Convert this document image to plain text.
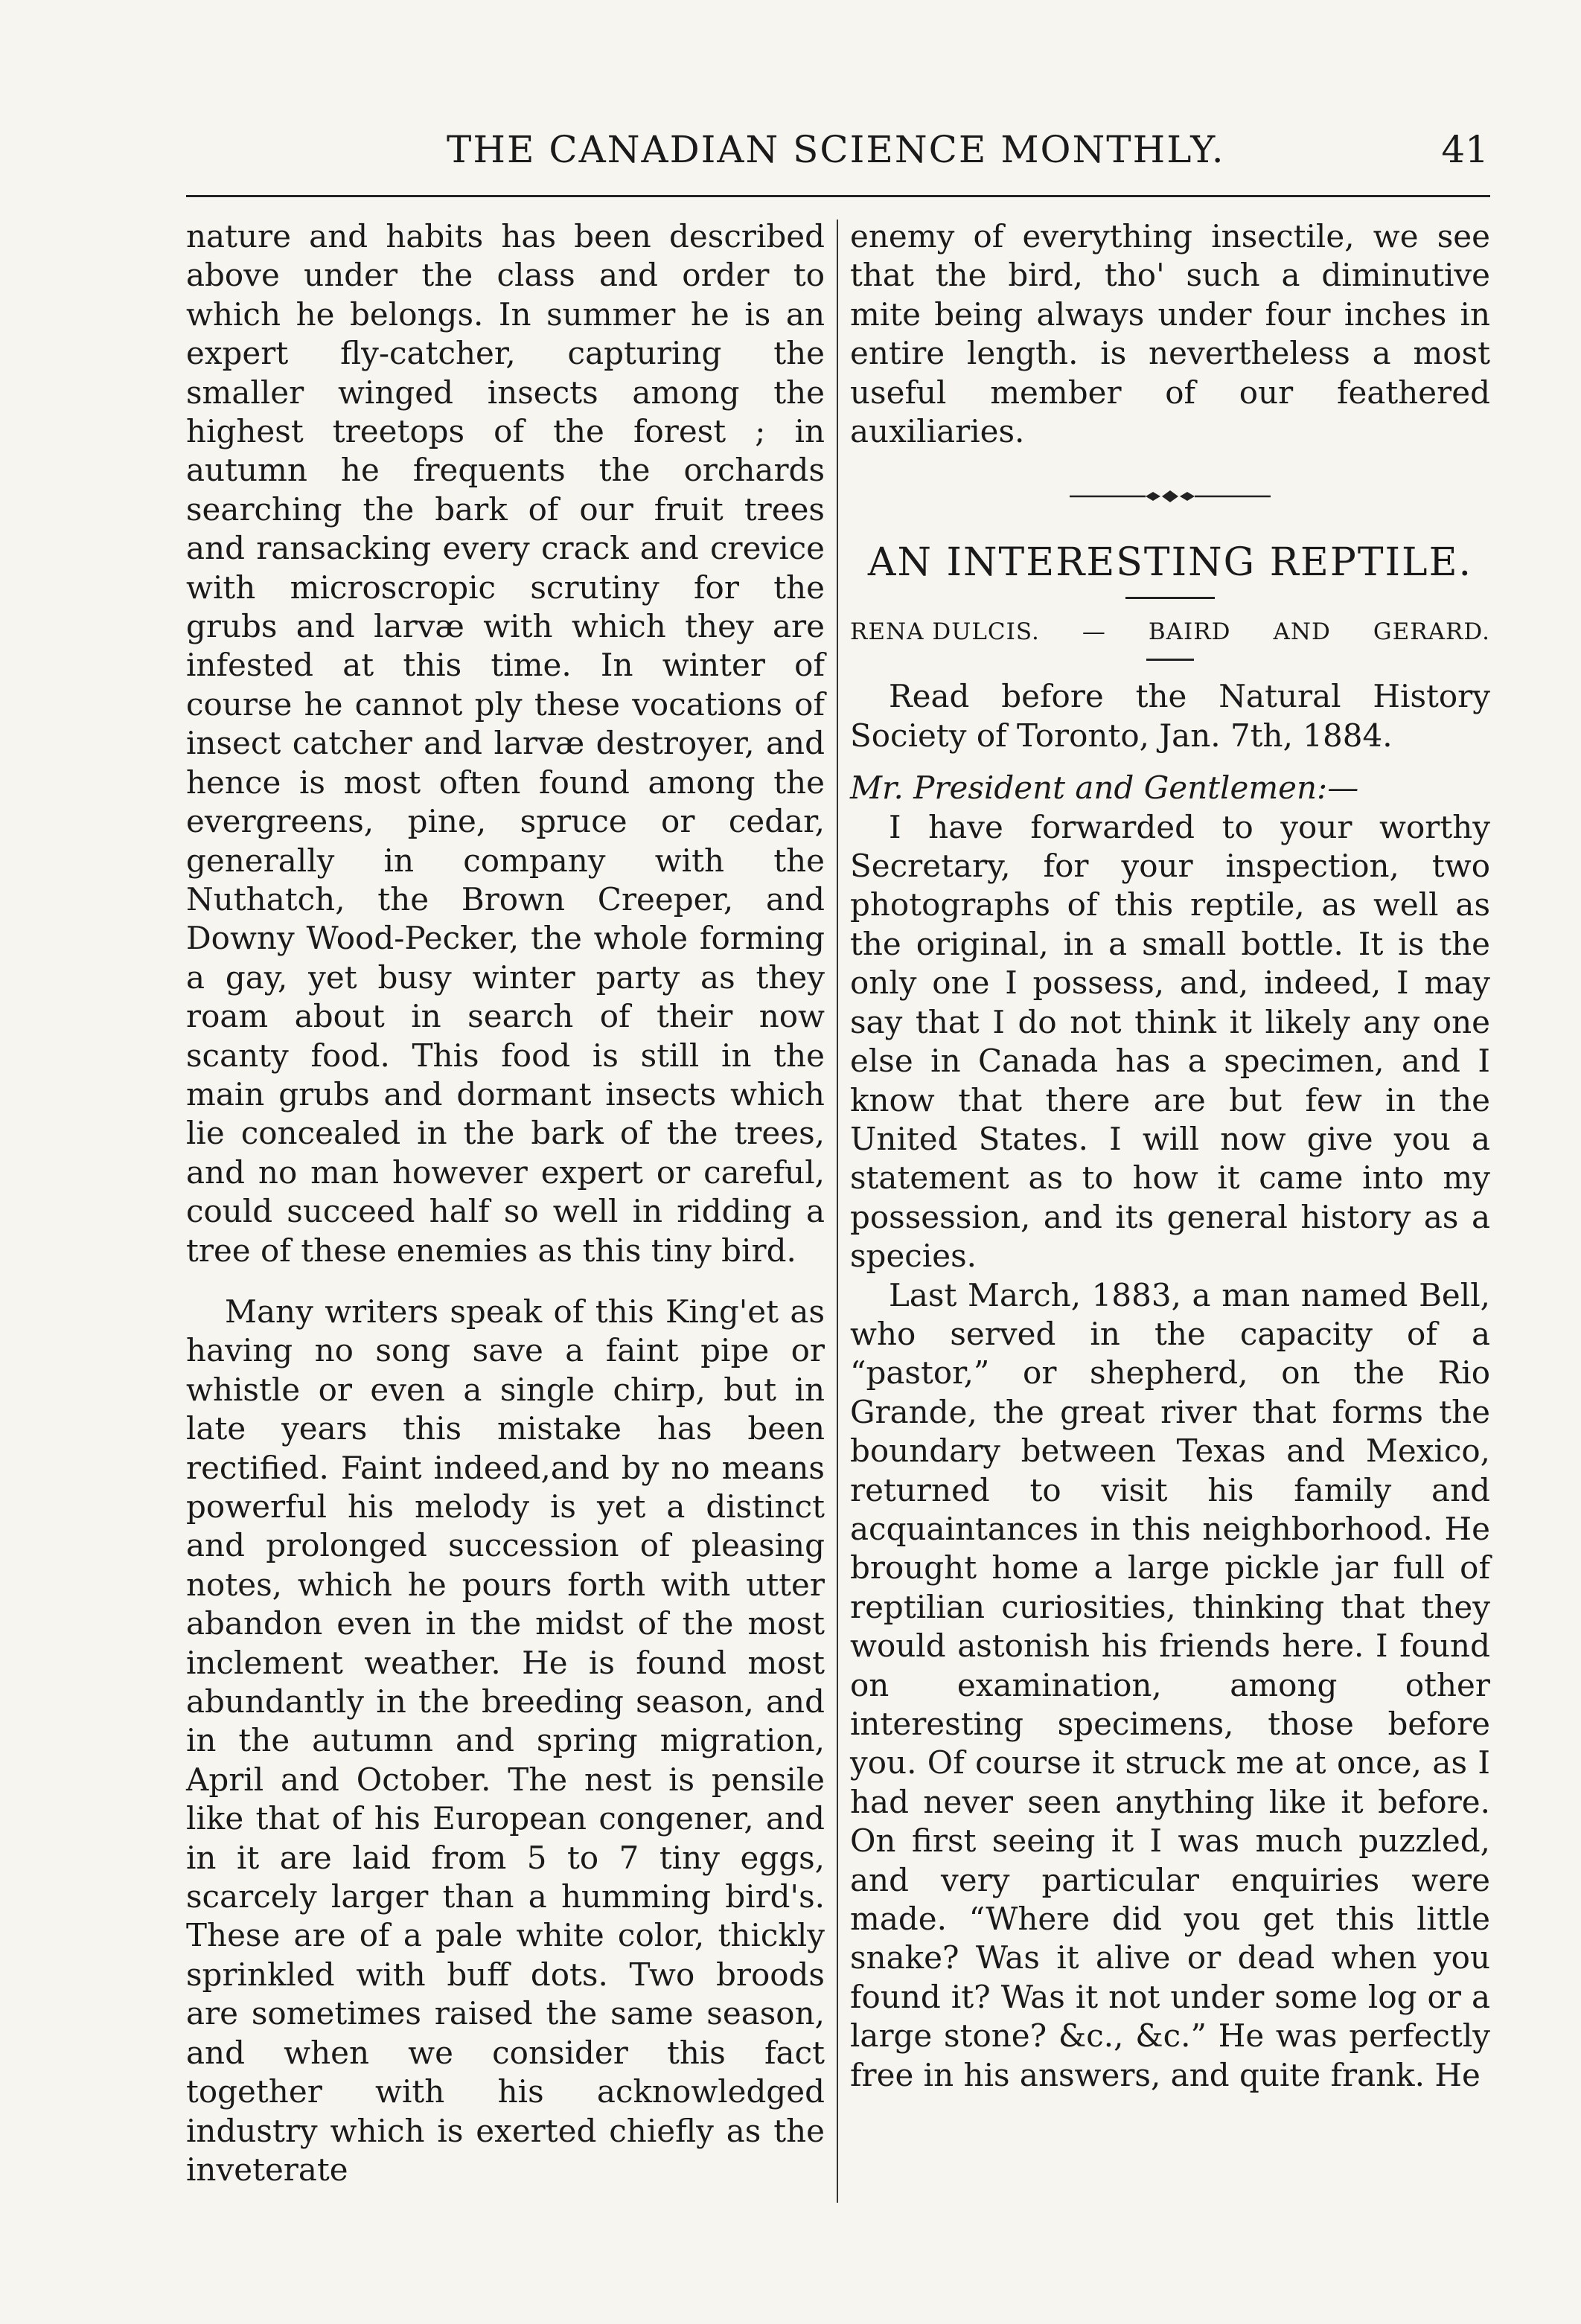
THE CANADIAN SCIENCE MONTHLY.	41

nature and habits has been described above under the class and order to which he belongs. In summer he is an expert fly-catcher, capturing the smaller winged insects among the highest treetops of the forest ; in autumn he frequents the orchards searching the bark of our fruit trees and ransacking every crack and crevice with microscropic scrutiny for the grubs and larvæ with which they are infested at this time. In winter of course he cannot ply these vocations of insect catcher and larvæ destroyer, and hence is most often found among the evergreens, pine, spruce or cedar, generally in company with the Nuthatch, the Brown Creeper, and Downy Wood-Pecker, the whole forming a gay, yet busy winter party as they roam about in search of their now scanty food. This food is still in the main grubs and dormant insects which lie concealed in the bark of the trees, and no man however expert or careful, could succeed half so well in ridding a tree of these enemies as this tiny bird.

Many writers speak of this King'et as having no song save a faint pipe or whistle or even a single chirp, but in late years this mistake has been rectified. Faint indeed,and by no means powerful his melody is yet a distinct and prolonged succession of pleasing notes, which he pours forth with utter abandon even in the midst of the most inclement weather. He is found most abundantly in the breeding season, and in the autumn and spring migration, April and October. The nest is pensile like that of his European congener, and in it are laid from 5 to 7 tiny eggs, scarcely larger than a humming bird's. These are of a pale white color, thickly sprinkled with buff dots. Two broods are sometimes raised the same season, and when we consider this fact together with his acknowledged industry which is exerted chiefly as the inveterate

enemy of everything insectile, we see that the bird, tho' such a diminutive mite being always under four inches in entire length. is nevertheless a most useful member of our feathered auxiliaries.

AN INTERESTING REPTILE.
RENA DULCIS. — BAIRD AND GERARD.

Read before the Natural History Society of Toronto, Jan. 7th, 1884.

Mr. President and Gentlemen:—

I have forwarded to your worthy Secretary, for your inspection, two photographs of this reptile, as well as the original, in a small bottle. It is the only one I possess, and, indeed, I may say that I do not think it likely any one else in Canada has a specimen, and I know that there are but few in the United States. I will now give you a statement as to how it came into my possession, and its general history as a species.

Last March, 1883, a man named Bell, who served in the capacity of a “pastor,” or shepherd, on the Rio Grande, the great river that forms the boundary between Texas and Mexico, returned to visit his family and acquaintances in this neighborhood. He brought home a large pickle jar full of reptilian curiosities, thinking that they would astonish his friends here. I found on examination, among other interesting specimens, those before you. Of course it struck me at once, as I had never seen anything like it before. On first seeing it I was much puzzled, and very particular enquiries were made. “Where did you get this little snake? Was it alive or dead when you found it? Was it not under some log or a large stone? &c., &c.” He was perfectly free in his answers, and quite frank. He
